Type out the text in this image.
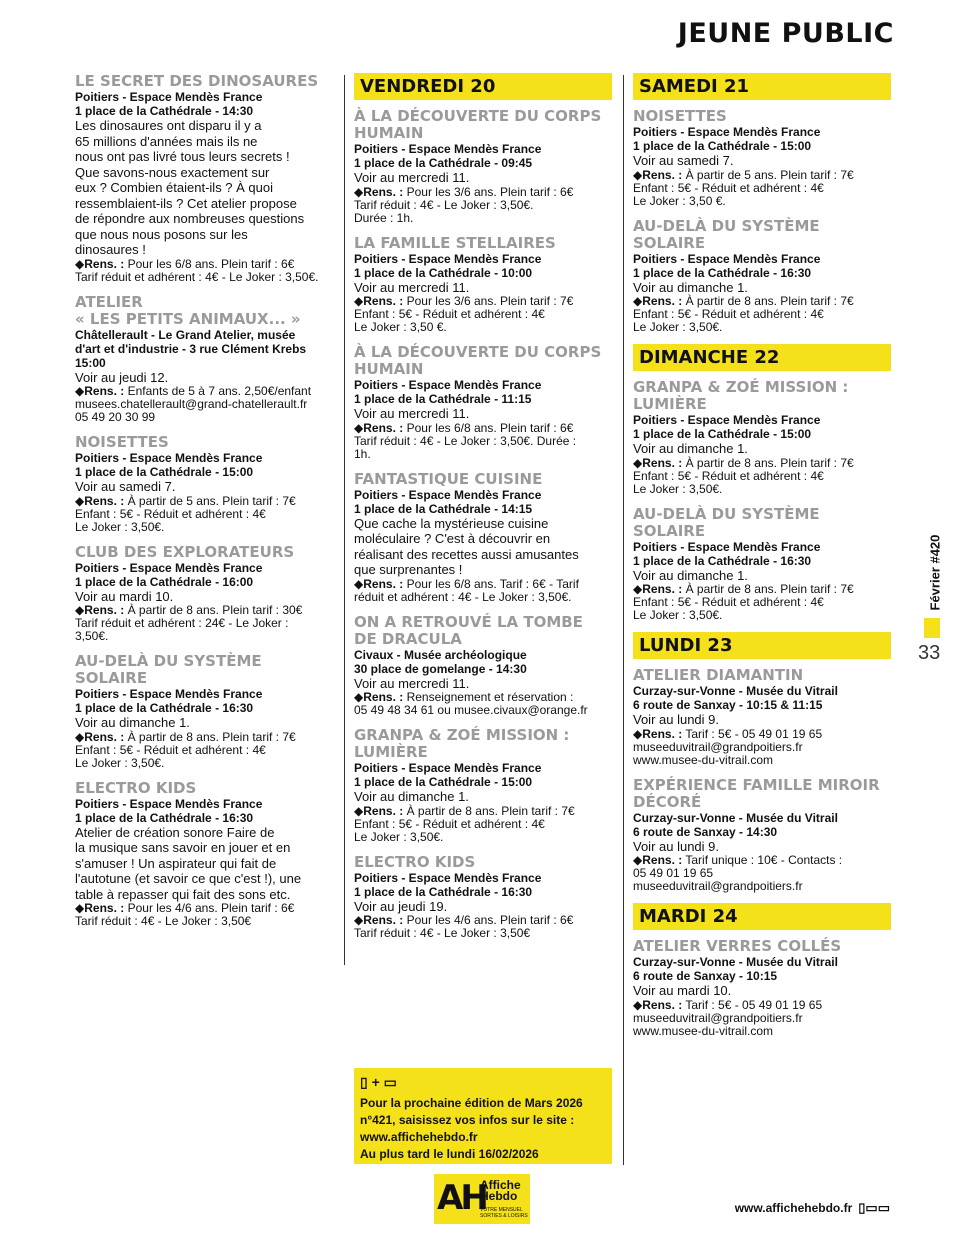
JEUNE PUBLIC
LE SECRET DES DINOSAURES
Poitiers - Espace Mendès France
1 place de la Cathédrale - 14:30
Les dinosaures ont disparu il y a
65 millions d'années mais ils ne
nous ont pas livré tous leurs secrets !
Que savons-nous exactement sur
eux ? Combien étaient-ils ? À quoi
ressemblaient-ils ? Cet atelier propose
de répondre aux nombreuses questions
que nous nous posons sur les
dinosaures !
◆Rens. : Pour les 6/8 ans. Plein tarif : 6€
Tarif réduit et adhérent : 4€ - Le Joker : 3,50€.
ATELIER
« LES PETITS ANIMAUX... »
Châtellerault - Le Grand Atelier, musée
d'art et d'industrie - 3 rue Clément Krebs
15:00
Voir au jeudi 12.
◆Rens. : Enfants de 5 à 7 ans. 2,50€/enfant
musees.chatellerault@grand-chatellerault.fr
05 49 20 30 99
NOISETTES
Poitiers - Espace Mendès France
1 place de la Cathédrale - 15:00
Voir au samedi 7.
◆Rens. : À partir de 5 ans. Plein tarif : 7€
Enfant : 5€ - Réduit et adhérent : 4€
Le Joker : 3,50€.
CLUB DES EXPLORATEURS
Poitiers - Espace Mendès France
1 place de la Cathédrale - 16:00
Voir au mardi 10.
◆Rens. : À partir de 8 ans. Plein tarif : 30€
Tarif réduit et adhérent : 24€ - Le Joker :
3,50€.
AU-DELÀ DU SYSTÈME
SOLAIRE
Poitiers - Espace Mendès France
1 place de la Cathédrale - 16:30
Voir au dimanche 1.
◆Rens. : À partir de 8 ans. Plein tarif : 7€
Enfant : 5€ - Réduit et adhérent : 4€
Le Joker : 3,50€.
ELECTRO KIDS
Poitiers - Espace Mendès France
1 place de la Cathédrale - 16:30
Atelier de création sonore Faire de
la musique sans savoir en jouer et en
s'amuser ! Un aspirateur qui fait de
l'autotune (et savoir ce que c'est !), une
table à repasser qui fait des sons etc.
◆Rens. : Pour les 4/6 ans. Plein tarif : 6€
Tarif réduit : 4€ - Le Joker : 3,50€
VENDREDI 20
À LA DÉCOUVERTE DU CORPS
HUMAIN
Poitiers - Espace Mendès France
1 place de la Cathédrale - 09:45
Voir au mercredi 11.
◆Rens. : Pour les 3/6 ans. Plein tarif : 6€
Tarif réduit : 4€ - Le Joker : 3,50€.
Durée : 1h.
LA FAMILLE STELLAIRES
Poitiers - Espace Mendès France
1 place de la Cathédrale - 10:00
Voir au mercredi 11.
◆Rens. : Pour les 3/6 ans. Plein tarif : 7€
Enfant : 5€ - Réduit et adhérent : 4€
Le Joker : 3,50 €.
À LA DÉCOUVERTE DU CORPS
HUMAIN
Poitiers - Espace Mendès France
1 place de la Cathédrale - 11:15
Voir au mercredi 11.
◆Rens. : Pour les 6/8 ans. Plein tarif : 6€
Tarif réduit : 4€ - Le Joker : 3,50€. Durée :
1h.
FANTASTIQUE CUISINE
Poitiers - Espace Mendès France
1 place de la Cathédrale - 14:15
Que cache la mystérieuse cuisine
moléculaire ? C'est à découvrir en
réalisant des recettes aussi amusantes
que surprenantes !
◆Rens. : Pour les 6/8 ans. Tarif : 6€ - Tarif
réduit et adhérent : 4€ - Le Joker : 3,50€.
ON A RETROUVÉ LA TOMBE
DE DRACULA
Civaux - Musée archéologique
30 place de gomelange - 14:30
Voir au mercredi 11.
◆Rens. : Renseignement et réservation :
05 49 48 34 61 ou musee.civaux@orange.fr
GRANPA & ZOÉ MISSION :
LUMIÈRE
Poitiers - Espace Mendès France
1 place de la Cathédrale - 15:00
Voir au dimanche 1.
◆Rens. : À partir de 8 ans. Plein tarif : 7€
Enfant : 5€ - Réduit et adhérent : 4€
Le Joker : 3,50€.
ELECTRO KIDS
Poitiers - Espace Mendès France
1 place de la Cathédrale - 16:30
Voir au jeudi 19.
◆Rens. : Pour les 4/6 ans. Plein tarif : 6€
Tarif réduit : 4€ - Le Joker : 3,50€
SAMEDI 21
NOISETTES
Poitiers - Espace Mendès France
1 place de la Cathédrale - 15:00
Voir au samedi 7.
◆Rens. : À partir de 5 ans. Plein tarif : 7€
Enfant : 5€ - Réduit et adhérent : 4€
Le Joker : 3,50 €.
AU-DELÀ DU SYSTÈME SOLAIRE
Poitiers - Espace Mendès France
1 place de la Cathédrale - 16:30
Voir au dimanche 1.
◆Rens. : À partir de 8 ans. Plein tarif : 7€
Enfant : 5€ - Réduit et adhérent : 4€
Le Joker : 3,50€.
DIMANCHE 22
GRANPA & ZOÉ MISSION :
LUMIÈRE
Poitiers - Espace Mendès France
1 place de la Cathédrale - 15:00
Voir au dimanche 1.
◆Rens. : À partir de 8 ans. Plein tarif : 7€
Enfant : 5€ - Réduit et adhérent : 4€
Le Joker : 3,50€.
AU-DELÀ DU SYSTÈME SOLAIRE
Poitiers - Espace Mendès France
1 place de la Cathédrale - 16:30
Voir au dimanche 1.
◆Rens. : À partir de 8 ans. Plein tarif : 7€
Enfant : 5€ - Réduit et adhérent : 4€
Le Joker : 3,50€.
LUNDI 23
ATELIER DIAMANTIN
Curzay-sur-Vonne - Musée du Vitrail
6 route de Sanxay - 10:15 & 11:15
Voir au lundi 9.
◆Rens. : Tarif : 5€ - 05 49 01 19 65
museeduvitrail@grandpoitiers.fr
www.musee-du-vitrail.com
EXPÉRIENCE FAMILLE MIROIR
DÉCORÉ
Curzay-sur-Vonne - Musée du Vitrail
6 route de Sanxay - 14:30
Voir au lundi 9.
◆Rens. : Tarif unique : 10€ - Contacts :
05 49 01 19 65
museeduvitrail@grandpoitiers.fr
MARDI 24
ATELIER VERRES COLLÉS
Curzay-sur-Vonne - Musée du Vitrail
6 route de Sanxay - 10:15
Voir au mardi 10.
◆Rens. : Tarif : 5€ - 05 49 01 19 65
museeduvitrail@grandpoitiers.fr
www.musee-du-vitrail.com
▯ + ▭
Pour la prochaine édition de Mars 2026
n°421, saisissez vos infos sur le site :
www.affichehebdo.fr
Au plus tard le lundi 16/02/2026
AH
Affiche
Hebdo
VOTRE MENSUEL
SORTIES & LOISIRS
Février #420
33
www.affichehebdo.fr ▯▭▭
